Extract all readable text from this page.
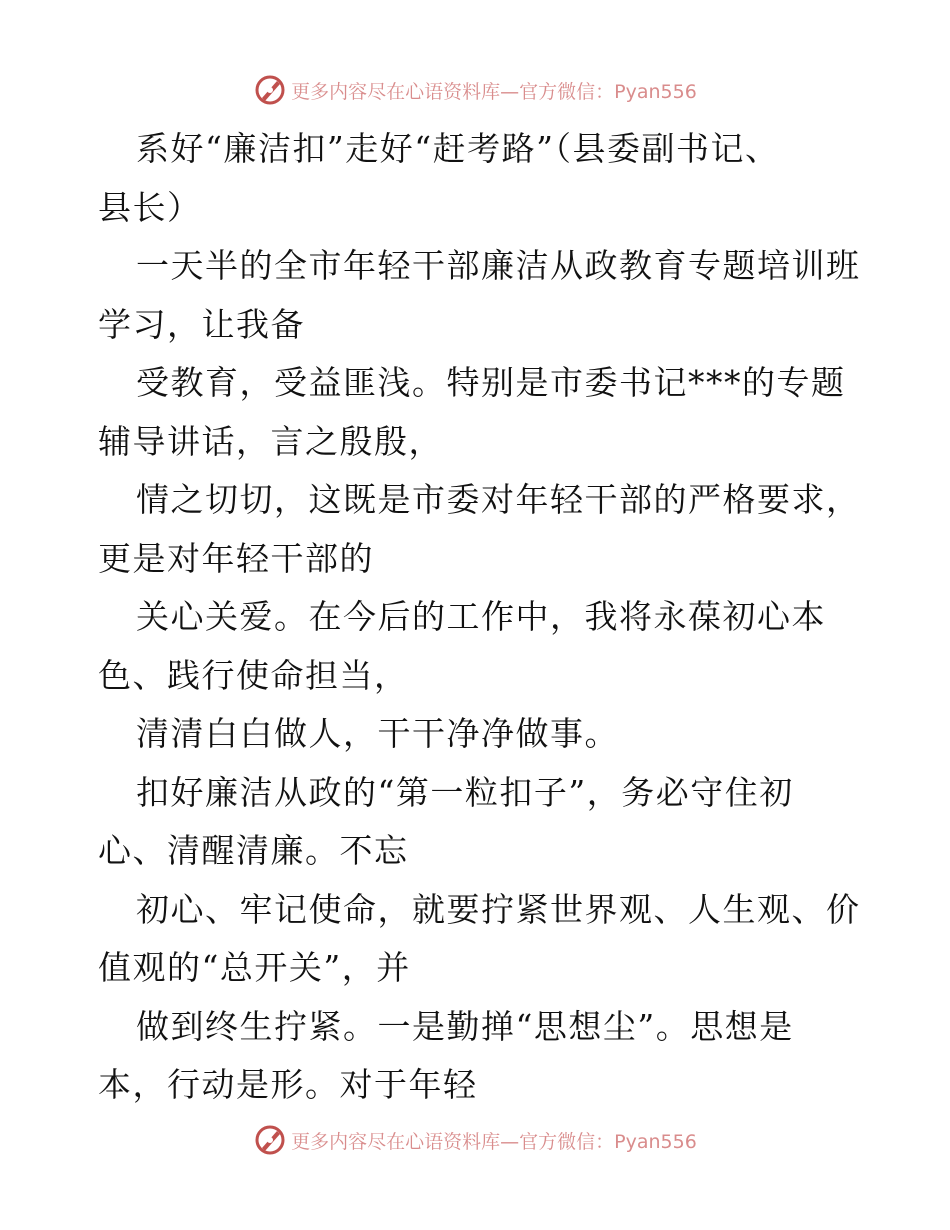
更多内容尽在心语资料库—官方微信：Pyan556
系好“廉洁扣”走好“赶考路”（县委副书记、
县长）
一天半的全市年轻干部廉洁从政教育专题培训班
学习，让我备
受教育，受益匪浅。特别是市委书记***的专题
辅导讲话，言之殷殷，
情之切切，这既是市委对年轻干部的严格要求，
更是对年轻干部的
关心关爱。在今后的工作中，我将永葆初心本
色、践行使命担当，
清清白白做人，干干净净做事。
扣好廉洁从政的“第一粒扣子”，务必守住初
心、清醒清廉。不忘
初心、牢记使命，就要拧紧世界观、人生观、价
值观的“总开关”，并
做到终生拧紧。一是勤掸“思想尘”。思想是
本，行动是形。对于年轻
更多内容尽在心语资料库—官方微信：Pyan556
